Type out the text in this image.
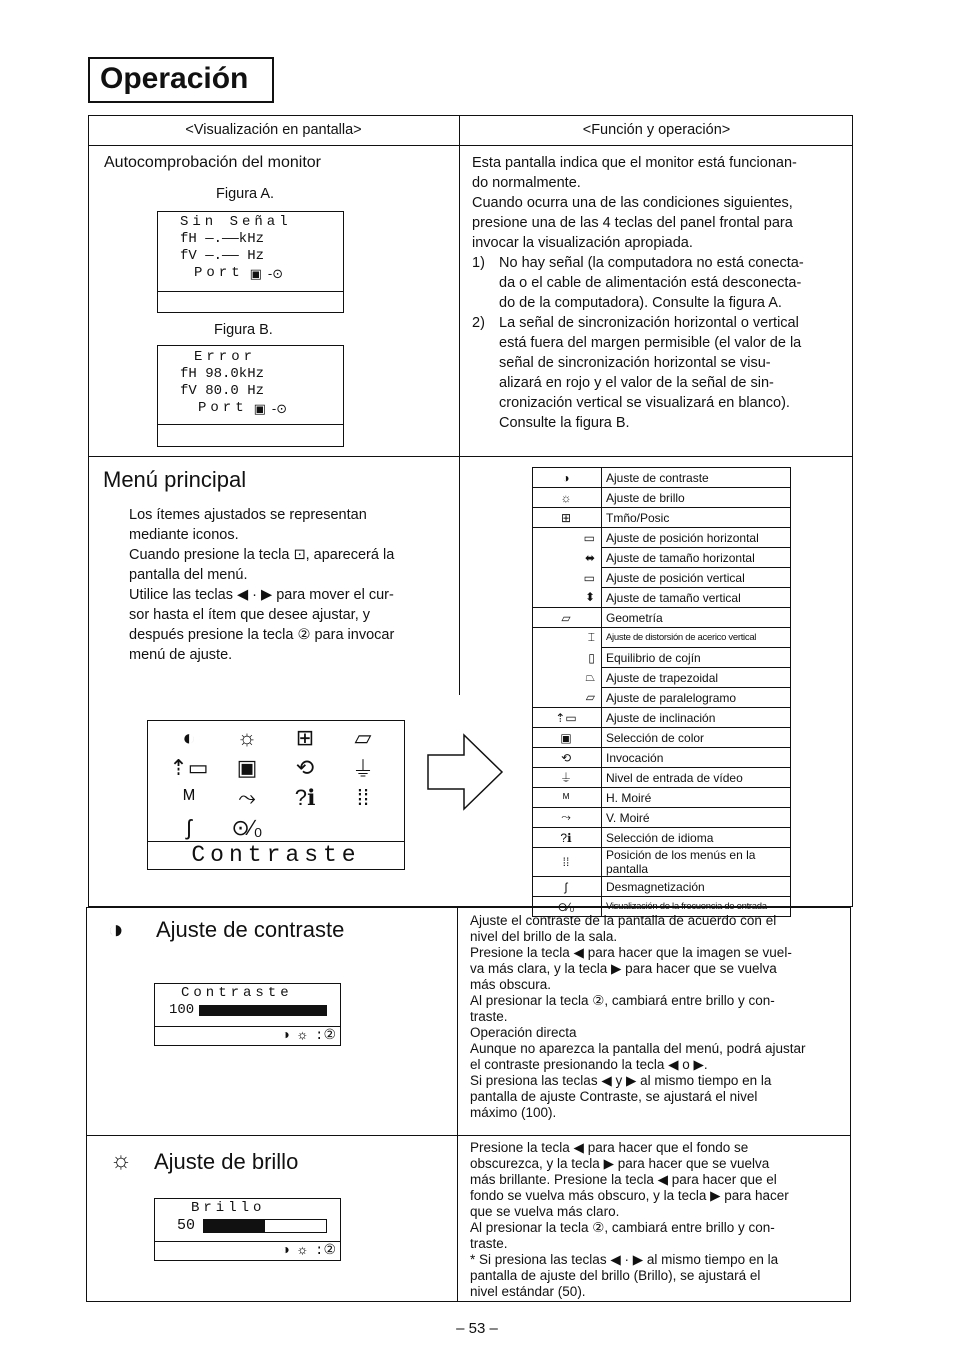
Operación
<Visualización en pantalla>	<Función y operación>
Autocomprobación del monitor
Figura A.
Sin Señal
fH —.——kHz
fV —.—— Hz
Port ▣ -⊙
Figura B.
Error
fH 98.0kHz
fV 80.0 Hz
Port ▣ -⊙
Esta pantalla indica que el monitor está funcionan-
do normalmente.
Cuando ocurra una de las condiciones siguientes,
presione una de las 4 teclas del panel frontal para
invocar la visualización apropiada.
1) No hay señal (la computadora no está conecta-
da o el cable de alimentación está desconecta-
do de la computadora). Consulte la figura A.
2) La señal de sincronización horizontal o vertical
está fuera del margen permisible (el valor de la
señal de sincronización horizontal se visu-
alizará en rojo y el valor de la señal de sin-
cronización vertical se visualizará en blanco).
Consulte la figura B.
Menú principal
Los ítemes ajustados se representan
mediante iconos.
Cuando presione la tecla ⊡, aparecerá la
pantalla del menú.
Utilice las teclas ◀ · ▶ para mover el cur-
sor hasta el ítem que desee ajustar, y
después presione la tecla ② para invocar
menú de ajuste.
◐	☼	⊞	▱
⇡▭	▣	⟲	⏚
ᴹ	⤳	?ℹ	⁞⁞
ʃ	⊙∕₀
Contraste
◑	Ajuste de contraste
☼	Ajuste de brillo
⊞	Tmño/Posic
▭	Ajuste de posición horizontal
⬌	Ajuste de tamaño horizontal
▭	Ajuste de posición vertical
⬍	Ajuste de tamaño vertical
▱	Geometría
⌶	Ajuste de distorsión de acerico vertical
▯	Equilibrio de cojín
⏢	Ajuste de trapezoidal
▱	Ajuste de paralelogramo
⇡▭	Ajuste de inclinación
▣	Selección de color
⟲	Invocación
⏚	Nivel de entrada de vídeo
ᴹ	H. Moiré
⤳	V. Moiré
?ℹ	Selección de idioma
⁞⁞	Posición de los menús en la pantalla
ʃ	Desmagnetización
⊙∕₀	Visualización de la frecuencia de entrada
◑ Ajuste de contraste
Contraste
100
◑ ☼ :②
Ajuste el contraste de la pantalla de acuerdo con el
nivel del brillo de la sala.
Presione la tecla ◀ para hacer que la imagen se vuel-
va más clara, y la tecla ▶ para hacer que se vuelva
más obscura.
Al presionar la tecla ②, cambiará entre brillo y con-
traste.
Operación directa
Aunque no aparezca la pantalla del menú, podrá ajustar
el contraste presionando la tecla ◀ o ▶.
Si presiona las teclas ◀ y ▶ al mismo tiempo en la
pantalla de ajuste Contraste, se ajustará el nivel
máximo (100).
☼ Ajuste de brillo
Brillo
50
◑ ☼ :②
Presione la tecla ◀ para hacer que el fondo se
obscurezca, y la tecla ▶ para hacer que se vuelva
más brillante. Presione la tecla ◀ para hacer que el
fondo se vuelva más obscuro, y la tecla ▶ para hacer
que se vuelva más claro.
Al presionar la tecla ②, cambiará entre brillo y con-
traste.
* Si presiona las teclas ◀ · ▶ al mismo tiempo en la
pantalla de ajuste del brillo (Brillo), se ajustará el
nivel estándar (50).
– 53 –
